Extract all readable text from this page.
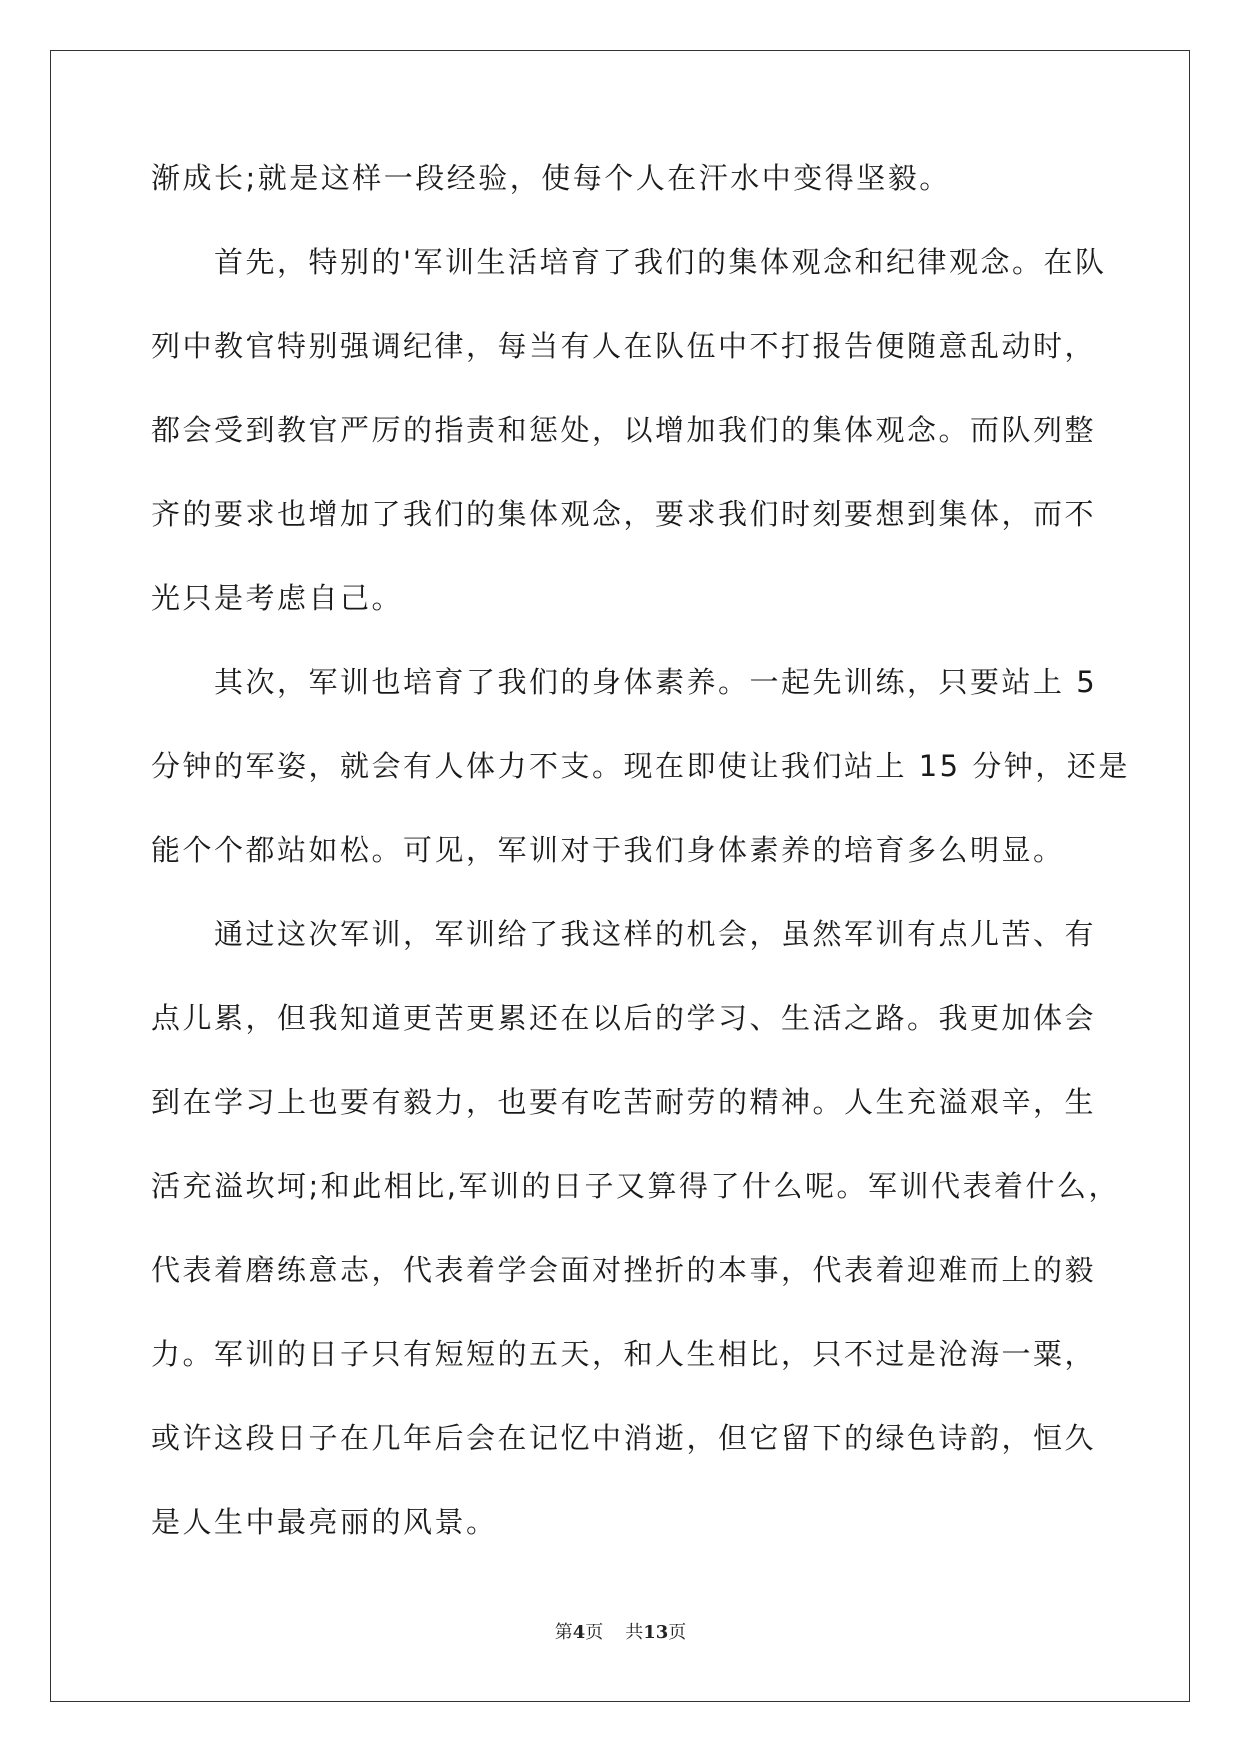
渐成长;就是这样一段经验，使每个人在汗水中变得坚毅。
　　首先，特别的'军训生活培育了我们的集体观念和纪律观念。在队
列中教官特别强调纪律，每当有人在队伍中不打报告便随意乱动时，
都会受到教官严厉的指责和惩处，以增加我们的集体观念。而队列整
齐的要求也增加了我们的集体观念，要求我们时刻要想到集体，而不
光只是考虑自己。
　　其次，军训也培育了我们的身体素养。一起先训练，只要站上 5
分钟的军姿，就会有人体力不支。现在即使让我们站上 15 分钟，还是
能个个都站如松。可见，军训对于我们身体素养的培育多么明显。
　　通过这次军训，军训给了我这样的机会，虽然军训有点儿苦、有
点儿累，但我知道更苦更累还在以后的学习、生活之路。我更加体会
到在学习上也要有毅力，也要有吃苦耐劳的精神。人生充溢艰辛，生
活充溢坎坷;和此相比,军训的日子又算得了什么呢。军训代表着什么，
代表着磨练意志，代表着学会面对挫折的本事，代表着迎难而上的毅
力。军训的日子只有短短的五天，和人生相比，只不过是沧海一粟，
或许这段日子在几年后会在记忆中消逝，但它留下的绿色诗韵，恒久
是人生中最亮丽的风景。
第4页 共13页
